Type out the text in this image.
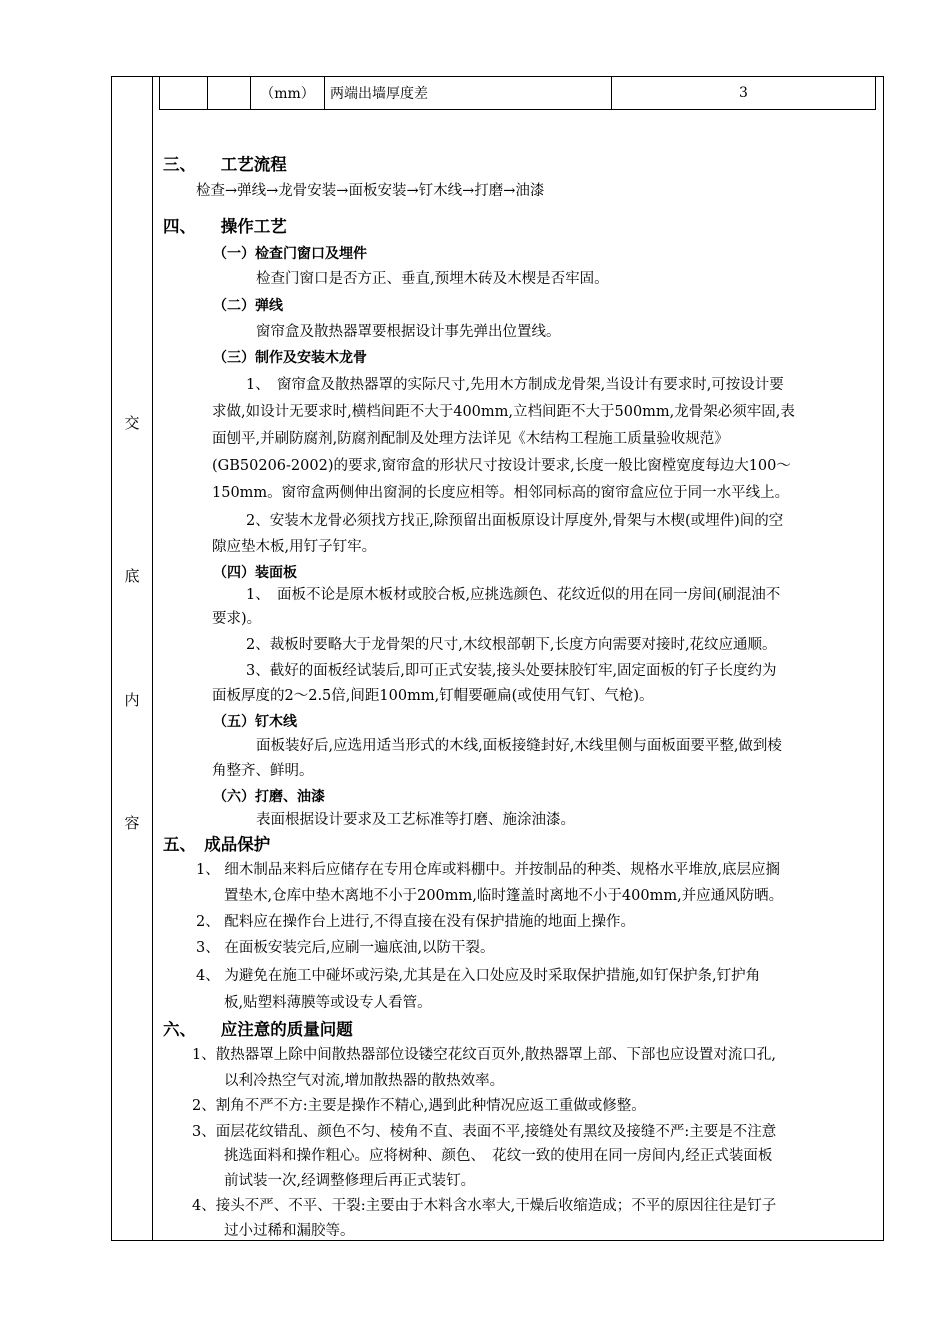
交
底
内
容
		（mm）	两端出墙厚度差	3
三、　　工艺流程
检查→弹线→龙骨安装→面板安装→钉木线→打磨→油漆
四、　　操作工艺
（一）检查门窗口及埋件
检查门窗口是否方正、垂直,预埋木砖及木楔是否牢固。
（二）弹线
窗帘盒及散热器罩要根据设计事先弹出位置线。
（三）制作及安装木龙骨
1、　窗帘盒及散热器罩的实际尺寸,先用木方制成龙骨架,当设计有要求时,可按设计要
求做,如设计无要求时,横档间距不大于400mm,立档间距不大于500mm,龙骨架必须牢固,表
面刨平,并刷防腐剂,防腐剂配制及处理方法详见《木结构工程施工质量验收规范》
(GB50206-2002)的要求,窗帘盒的形状尺寸按设计要求,长度一般比窗樘宽度每边大100～
150mm。窗帘盒两侧伸出窗洞的长度应相等。相邻同标高的窗帘盒应位于同一水平线上。
2、安装木龙骨必须找方找正,除预留出面板原设计厚度外,骨架与木楔(或埋件)间的空
隙应垫木板,用钉子钉牢。
（四）装面板
1、　面板不论是原木板材或胶合板,应挑选颜色、花纹近似的用在同一房间(刷混油不
要求)。
2、裁板时要略大于龙骨架的尺寸,木纹根部朝下,长度方向需要对接时,花纹应通顺。
3、截好的面板经试装后,即可正式安装,接头处要抹胶钉牢,固定面板的钉子长度约为
面板厚度的2～2.5倍,间距100mm,钉帽要砸扁(或使用气钉、气枪)。
（五）钉木线
面板装好后,应选用适当形式的木线,面板接缝封好,木线里侧与面板面要平整,做到棱
角整齐、鲜明。
（六）打磨、油漆
表面根据设计要求及工艺标准等打磨、施涂油漆。
五、　成品保护
1、 细木制品来料后应储存在专用仓库或料棚中。并按制品的种类、规格水平堆放,底层应搁
置垫木,仓库中垫木离地不小于200mm,临时篷盖时离地不小于400mm,并应通风防晒。
2、 配料应在操作台上进行,不得直接在没有保护措施的地面上操作。
3、 在面板安装完后,应刷一遍底油,以防干裂。
4、 为避免在施工中碰坏或污染,尤其是在入口处应及时采取保护措施,如钉保护条,钉护角
板,贴塑料薄膜等或设专人看管。
六、　　应注意的质量问题
1、散热器罩上除中间散热器部位设镂空花纹百页外,散热器罩上部、下部也应设置对流口孔,
以利冷热空气对流,增加散热器的散热效率。
2、割角不严不方:主要是操作不精心,遇到此种情况应返工重做或修整。
3、面层花纹错乱、颜色不匀、棱角不直、表面不平,接缝处有黑纹及接缝不严:主要是不注意
挑选面料和操作粗心。应将树种、颜色、　花纹一致的使用在同一房间内,经正式装面板
前试装一次,经调整修理后再正式装钉。
4、接头不严、不平、干裂:主要由于木料含水率大,干燥后收缩造成；不平的原因往往是钉子
过小过稀和漏胶等。
